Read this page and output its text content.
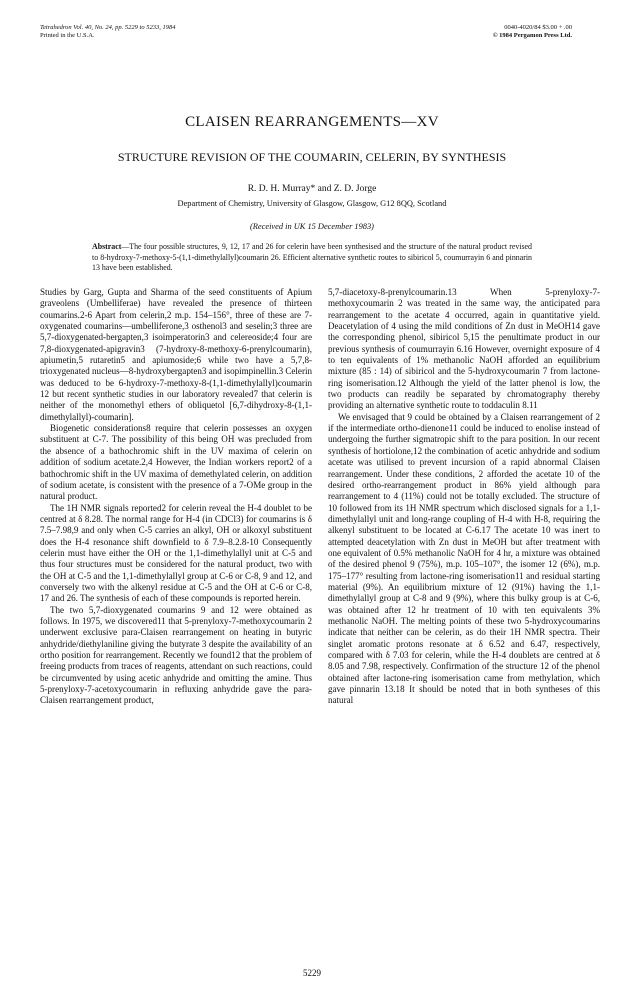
Tetrahedron Vol. 40, No. 24, pp. 5229 to 5233, 1984
Printed in the U.S.A.
0040-4020/84 $3.00 + .00
© 1984 Pergamon Press Ltd.
CLAISEN REARRANGEMENTS—XV
STRUCTURE REVISION OF THE COUMARIN, CELERIN, BY SYNTHESIS
R. D. H. Murray* and Z. D. Jorge
Department of Chemistry, University of Glasgow, Glasgow, G12 8QQ, Scotland
(Received in UK 15 December 1983)
Abstract—The four possible structures, 9, 12, 17 and 26 for celerin have been synthesised and the structure of the natural product revised to 8-hydroxy-7-methoxy-5-(1,1-dimethylallyl)coumarin 26. Efficient alternative synthetic routes to sibiricol 5, coumurrayin 6 and pinnarin 13 have been established.

Studies by Garg, Gupta and Sharma of the seed constituents of Apium graveolens (Umbelliferae) have revealed the presence of thirteen coumarins.2-6 Apart from celerin,2 m.p. 154–156°, three of these are 7-oxygenated coumarins—umbelliferone,3 osthenol3 and seselin;3 three are 5,7-dioxygenated-bergapten,3 isoimperatorin3 and celereoside;4 four are 7,8-dioxygenated-apigravin3 (7-hydroxy-8-methoxy-6-prenylcoumarin), apiumetin,5 rutaretin5 and apiumoside;6 while two have a 5,7,8-trioxygenated nucleus—8-hydroxybergapten3 and isopimpinellin.3 Celerin was deduced to be 6-hydroxy-7-methoxy-8-(1,1-dimethylallyl)coumarin 12 but recent synthetic studies in our laboratory revealed7 that celerin is neither of the monomethyl ethers of obliquetol [6,7-dihydroxy-8-(1,1-dimethylallyl)-coumarin].

Biogenetic considerations8 require that celerin possesses an oxygen substituent at C-7. The possibility of this being OH was precluded from the absence of a bathochromic shift in the UV maxima of celerin on addition of sodium acetate.2,4 However, the Indian workers report2 of a bathochromic shift in the UV maxima of demethylated celerin, on addition of sodium acetate, is consistent with the presence of a 7-OMe group in the natural product.

The 1H NMR signals reported2 for celerin reveal the H-4 doublet to be centred at δ 8.28. The normal range for H-4 (in CDCl3) for coumarins is δ 7.5–7.98,9 and only when C-5 carries an alkyl, OH or alkoxyl substituent does the H-4 resonance shift downfield to δ 7.9–8.2.8-10 Consequently celerin must have either the OH or the 1,1-dimethylallyl unit at C-5 and thus four structures must be considered for the natural product, two with the OH at C-5 and the 1,1-dimethylallyl group at C-6 or C-8, 9 and 12, and conversely two with the alkenyl residue at C-5 and the OH at C-6 or C-8, 17 and 26. The synthesis of each of these compounds is reported herein.

The two 5,7-dioxygenated coumarins 9 and 12 were obtained as follows. In 1975, we discovered11 that 5-prenyloxy-7-methoxycoumarin 2 underwent exclusive para-Claisen rearrangement on heating in butyric anhydride/diethylaniline giving the butyrate 3 despite the availability of an ortho position for rearrangement. Recently we found12 that the problem of freeing products from traces of reagents, attendant on such reactions, could be circumvented by using acetic anhydride and omitting the amine. Thus 5-prenyloxy-7-acetoxycoumarin in refluxing anhydride gave the para-Claisen rearrangement product,

5,7-diacetoxy-8-prenylcoumarin.13 When 5-prenyloxy-7-methoxycoumarin 2 was treated in the same way, the anticipated para rearrangement to the acetate 4 occurred, again in quantitative yield. Deacetylation of 4 using the mild conditions of Zn dust in MeOH14 gave the corresponding phenol, sibiricol 5,15 the penultimate product in our previous synthesis of coumurrayin 6.16 However, overnight exposure of 4 to ten equivalents of 1% methanolic NaOH afforded an equilibrium mixture (85 : 14) of sibiricol and the 5-hydroxycoumarin 7 from lactone-ring isomerisation.12 Although the yield of the latter phenol is low, the two products can readily be separated by chromatography thereby providing an alternative synthetic route to toddaculin 8.11

We envisaged that 9 could be obtained by a Claisen rearrangement of 2 if the intermediate ortho-dienone11 could be induced to enolise instead of undergoing the further sigmatropic shift to the para position. In our recent synthesis of hortiolone,12 the combination of acetic anhydride and sodium acetate was utilised to prevent incursion of a rapid abnormal Claisen rearrangement. Under these conditions, 2 afforded the acetate 10 of the desired ortho-rearrangement product in 86% yield although para rearrangement to 4 (11%) could not be totally excluded. The structure of 10 followed from its 1H NMR spectrum which disclosed signals for a 1,1-dimethylallyl unit and long-range coupling of H-4 with H-8, requiring the alkenyl substituent to be located at C-6.17 The acetate 10 was inert to attempted deacetylation with Zn dust in MeOH but after treatment with one equivalent of 0.5% methanolic NaOH for 4 hr, a mixture was obtained of the desired phenol 9 (75%), m.p. 105–107°, the isomer 12 (6%), m.p. 175–177° resulting from lactone-ring isomerisation11 and residual starting material (9%). An equilibrium mixture of 12 (91%) having the 1,1-dimethylallyl group at C-8 and 9 (9%), where this bulky group is at C-6, was obtained after 12 hr treatment of 10 with ten equivalents 3% methanolic NaOH. The melting points of these two 5-hydroxycoumarins indicate that neither can be celerin, as do their 1H NMR spectra. Their singlet aromatic protons resonate at δ 6.52 and 6.47, respectively, compared with δ 7.03 for celerin, while the H-4 doublets are centred at δ 8.05 and 7.98, respectively. Confirmation of the structure 12 of the phenol obtained after lactone-ring isomerisation came from methylation, which gave pinnarin 13.18 It should be noted that in both syntheses of this natural

5229
